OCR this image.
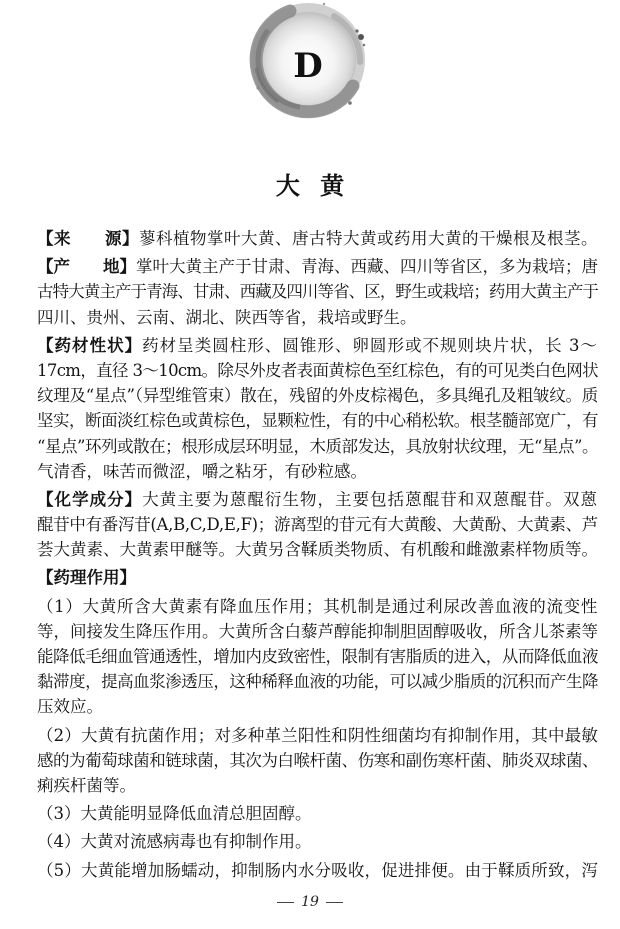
D
大 黄
【来　　源】蓼科植物掌叶大黄、唐古特大黄或药用大黄的干燥根及根茎。
【产　　地】掌叶大黄主产于甘肃、青海、西藏、四川等省区，多为栽培；唐
古特大黄主产于青海、甘肃、西藏及四川等省、区，野生或栽培；药用大黄主产于
四川、贵州、云南、湖北、陕西等省，栽培或野生。
【药材性状】药材呈类圆柱形、圆锥形、卵圆形或不规则块片状，长 3～
17cm，直径 3～10cm。除尽外皮者表面黄棕色至红棕色，有的可见类白色网状
纹理及“星点”（异型维管束）散在，残留的外皮棕褐色，多具绳孔及粗皱纹。质
坚实，断面淡红棕色或黄棕色，显颗粒性，有的中心稍松软。根茎髓部宽广，有
“星点”环列或散在；根形成层环明显，木质部发达，具放射状纹理，无“星点”。
气清香，味苦而微涩，嚼之粘牙，有砂粒感。
【化学成分】大黄主要为蒽醌衍生物，主要包括蒽醌苷和双蒽醌苷。双蒽
醌苷中有番泻苷(A,B,C,D,E,F)；游离型的苷元有大黄酸、大黄酚、大黄素、芦
荟大黄素、大黄素甲醚等。大黄另含鞣质类物质、有机酸和雌激素样物质等。
【药理作用】
（1）大黄所含大黄素有降血压作用；其机制是通过利尿改善血液的流变性
等，间接发生降压作用。大黄所含白藜芦醇能抑制胆固醇吸收，所含儿茶素等
能降低毛细血管通透性，增加内皮致密性，限制有害脂质的进入，从而降低血液
黏滞度，提高血浆渗透压，这种稀释血液的功能，可以减少脂质的沉积而产生降
压效应。
（2）大黄有抗菌作用；对多种革兰阳性和阴性细菌均有抑制作用，其中最敏
感的为葡萄球菌和链球菌，其次为白喉杆菌、伤寒和副伤寒杆菌、肺炎双球菌、
痢疾杆菌等。
（3）大黄能明显降低血清总胆固醇。
（4）大黄对流感病毒也有抑制作用。
（5）大黄能增加肠蠕动，抑制肠内水分吸收，促进排便。由于鞣质所致，泻
19
